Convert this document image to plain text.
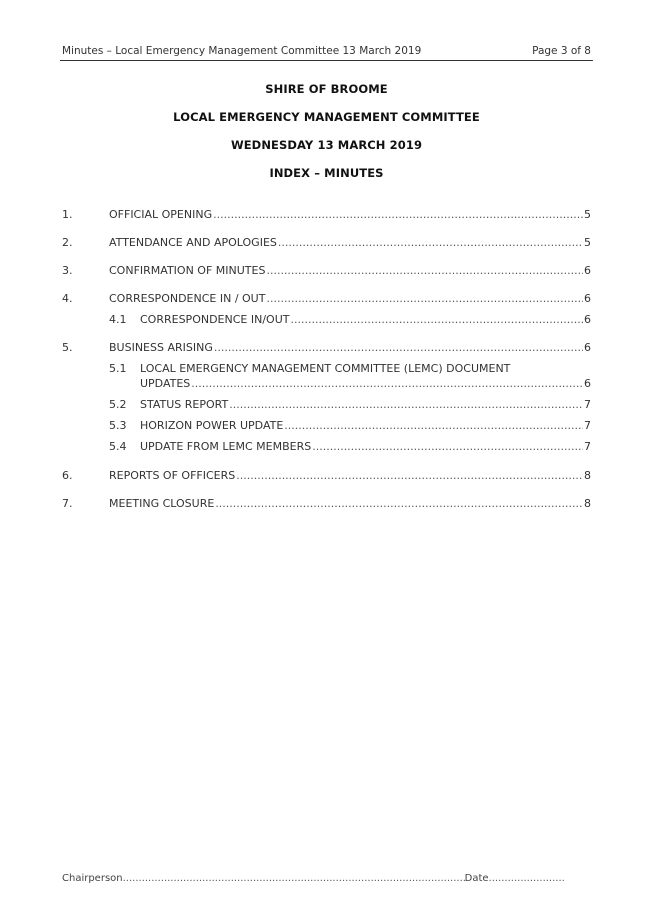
Minutes – Local Emergency Management Committee 13 March 2019	Page 3 of 8
SHIRE OF BROOME
LOCAL EMERGENCY MANAGEMENT COMMITTEE
WEDNESDAY 13 MARCH 2019
INDEX – MINUTES
1.	OFFICIAL OPENING .....	5
2.	ATTENDANCE AND APOLOGIES .....	5
3.	CONFIRMATION OF MINUTES .....	6
4.	CORRESPONDENCE IN / OUT .....	6
4.1 CORRESPONDENCE IN/OUT .....	6
5.	BUSINESS ARISING .....	6
5.1 LOCAL EMERGENCY MANAGEMENT COMMITTEE (LEMC) DOCUMENT
UPDATES .....	6
5.2 STATUS REPORT .....	7
5.3 HORIZON POWER UPDATE .....	7
5.4 UPDATE FROM LEMC MEMBERS .....	7
6.	REPORTS OF OFFICERS .....	8
7.	MEETING CLOSURE .....	8
Chairperson .....	Date
.....
